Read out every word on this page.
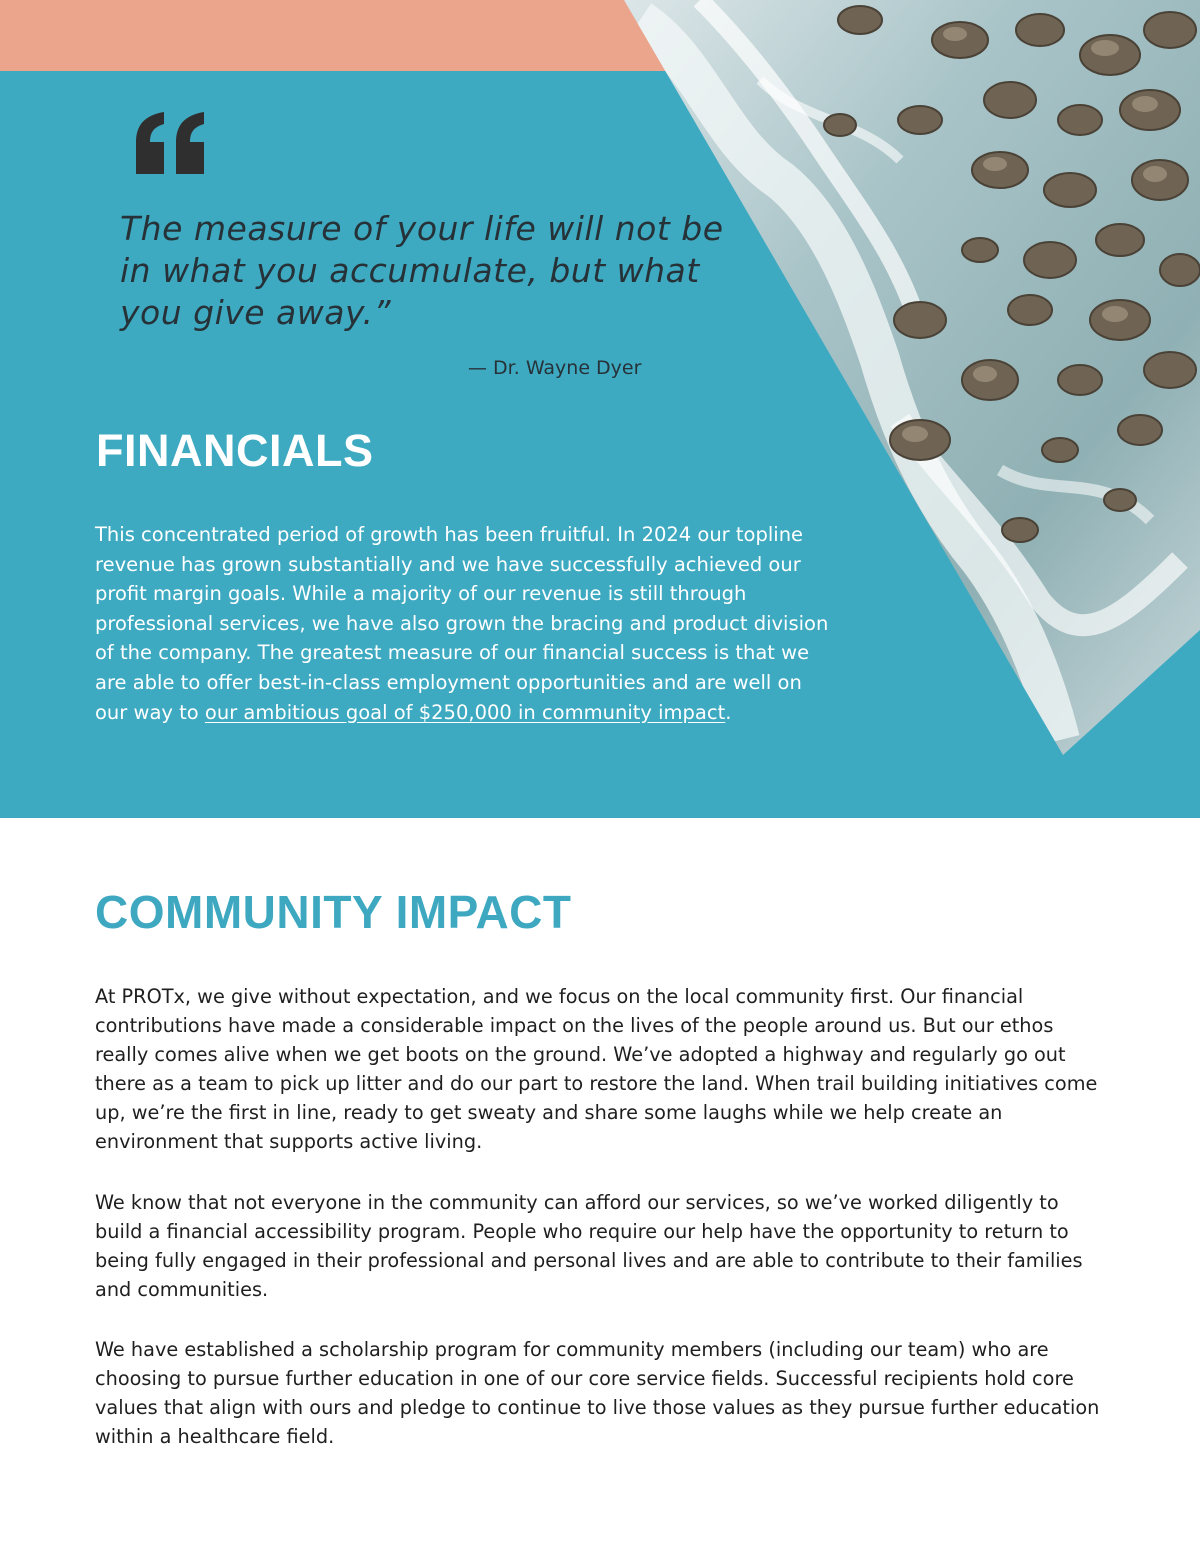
The measure of your life will not be in what you accumulate, but what you give away.”

— Dr. Wayne Dyer

FINANCIALS

This concentrated period of growth has been fruitful. In 2024 our topline revenue has grown substantially and we have successfully achieved our profit margin goals. While a majority of our revenue is still through professional services, we have also grown the bracing and product division of the company. The greatest measure of our financial success is that we are able to offer best-in-class employment opportunities and are well on our way to our ambitious goal of $250,000 in community impact.

COMMUNITY IMPACT

At PROTx, we give without expectation, and we focus on the local community first. Our financial contributions have made a considerable impact on the lives of the people around us. But our ethos really comes alive when we get boots on the ground. We’ve adopted a highway and regularly go out there as a team to pick up litter and do our part to restore the land. When trail building initiatives come up, we’re the first in line, ready to get sweaty and share some laughs while we help create an environment that supports active living.

We know that not everyone in the community can afford our services, so we’ve worked diligently to build a financial accessibility program. People who require our help have the opportunity to return to being fully engaged in their professional and personal lives and are able to contribute to their families and communities.

We have established a scholarship program for community members (including our team) who are choosing to pursue further education in one of our core service fields. Successful recipients hold core values that align with ours and pledge to continue to live those values as they pursue further education within a healthcare field.
